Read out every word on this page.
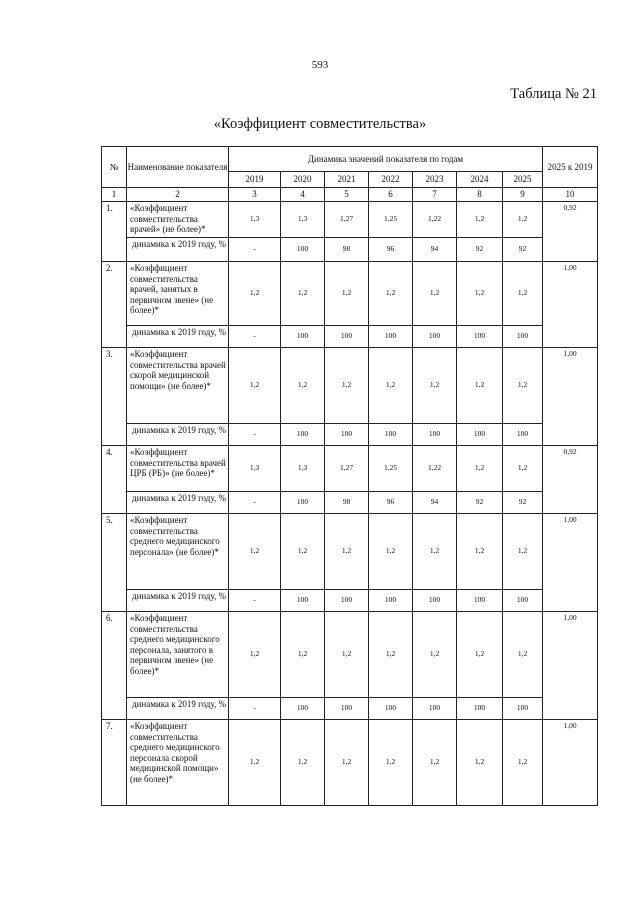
593
Таблица № 21
«Коэффициент совместительства»
№	Наименование показателя	Динамика значений показателя по годам							2025 к 2019
		2019	2020	2021	2022	2023	2024	2025	
1	2	3	4	5	6	7	8	9	10
1.	«Коэффициент совместительства врачей» (не более)*	1,3	1,3	1,27	1,25	1,22	1,2	1,2	0,92
	динамика к 2019 году, %	-	100	98	96	94	92	92	
2.	«Коэффициент совместительства врачей, занятых в первичном звене» (не более)*	1,2	1,2	1,2	1,2	1,2	1,2	1,2	1,00
	динамика к 2019 году, %	-	100	100	100	100	100	100	
3.	«Коэффициент совместительства врачей скорой медицинской помощи» (не более)*	1,2	1,2	1,2	1,2	1,2	1,2	1,2	1,00
	динамика к 2019 году, %	-	100	100	100	100	100	100	
4.	«Коэффициент совместительства врачей ЦРБ (РБ)» (не более)*	1,3	1,3	1,27	1,25	1,22	1,2	1,2	0,92
	динамика к 2019 году, %	-	100	98	96	94	92	92	
5.	«Коэффициент совместительства среднего медицинского персонала» (не более)*	1,2	1,2	1,2	1,2	1,2	1,2	1,2	1,00
	динамика к 2019 году, %	-	100	100	100	100	100	100	
6.	«Коэффициент совместительства среднего медицинского персонала, занятого в первичном звене» (не более)*	1,2	1,2	1,2	1,2	1,2	1,2	1,2	1,00
	динамика к 2019 году, %	-	100	100	100	100	100	100	
7.	«Коэффициент совместительства среднего медицинского персонала скорой медицинской помощи» (не более)*	1,2	1,2	1,2	1,2	1,2	1,2	1,2	1,00
